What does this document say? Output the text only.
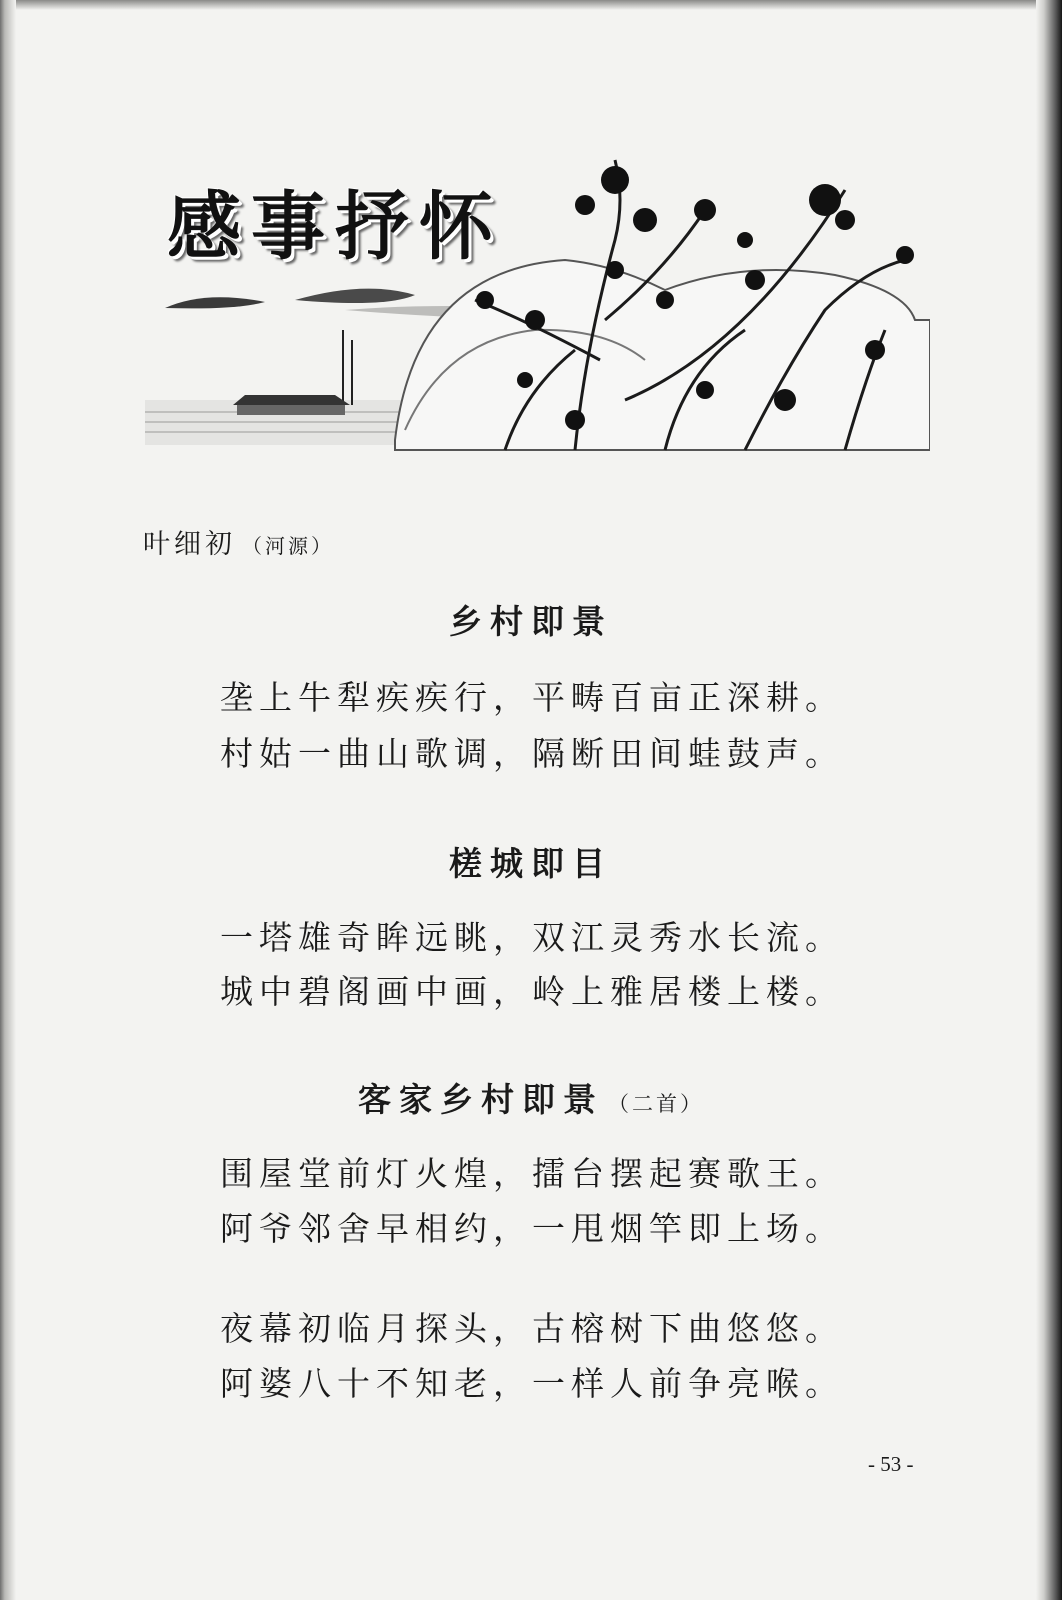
感事抒怀
叶细初 （河源）
乡村即景
垄上牛犁疾疾行，平畴百亩正深耕。
村姑一曲山歌调，隔断田间蛙鼓声。
槎城即目
一塔雄奇眸远眺，双江灵秀水长流。
城中碧阁画中画，岭上雅居楼上楼。
客家乡村即景 （二首）
围屋堂前灯火煌，擂台摆起赛歌王。
阿爷邻舍早相约，一甩烟竿即上场。
夜幕初临月探头，古榕树下曲悠悠。
阿婆八十不知老，一样人前争亮喉。
- 53 -
